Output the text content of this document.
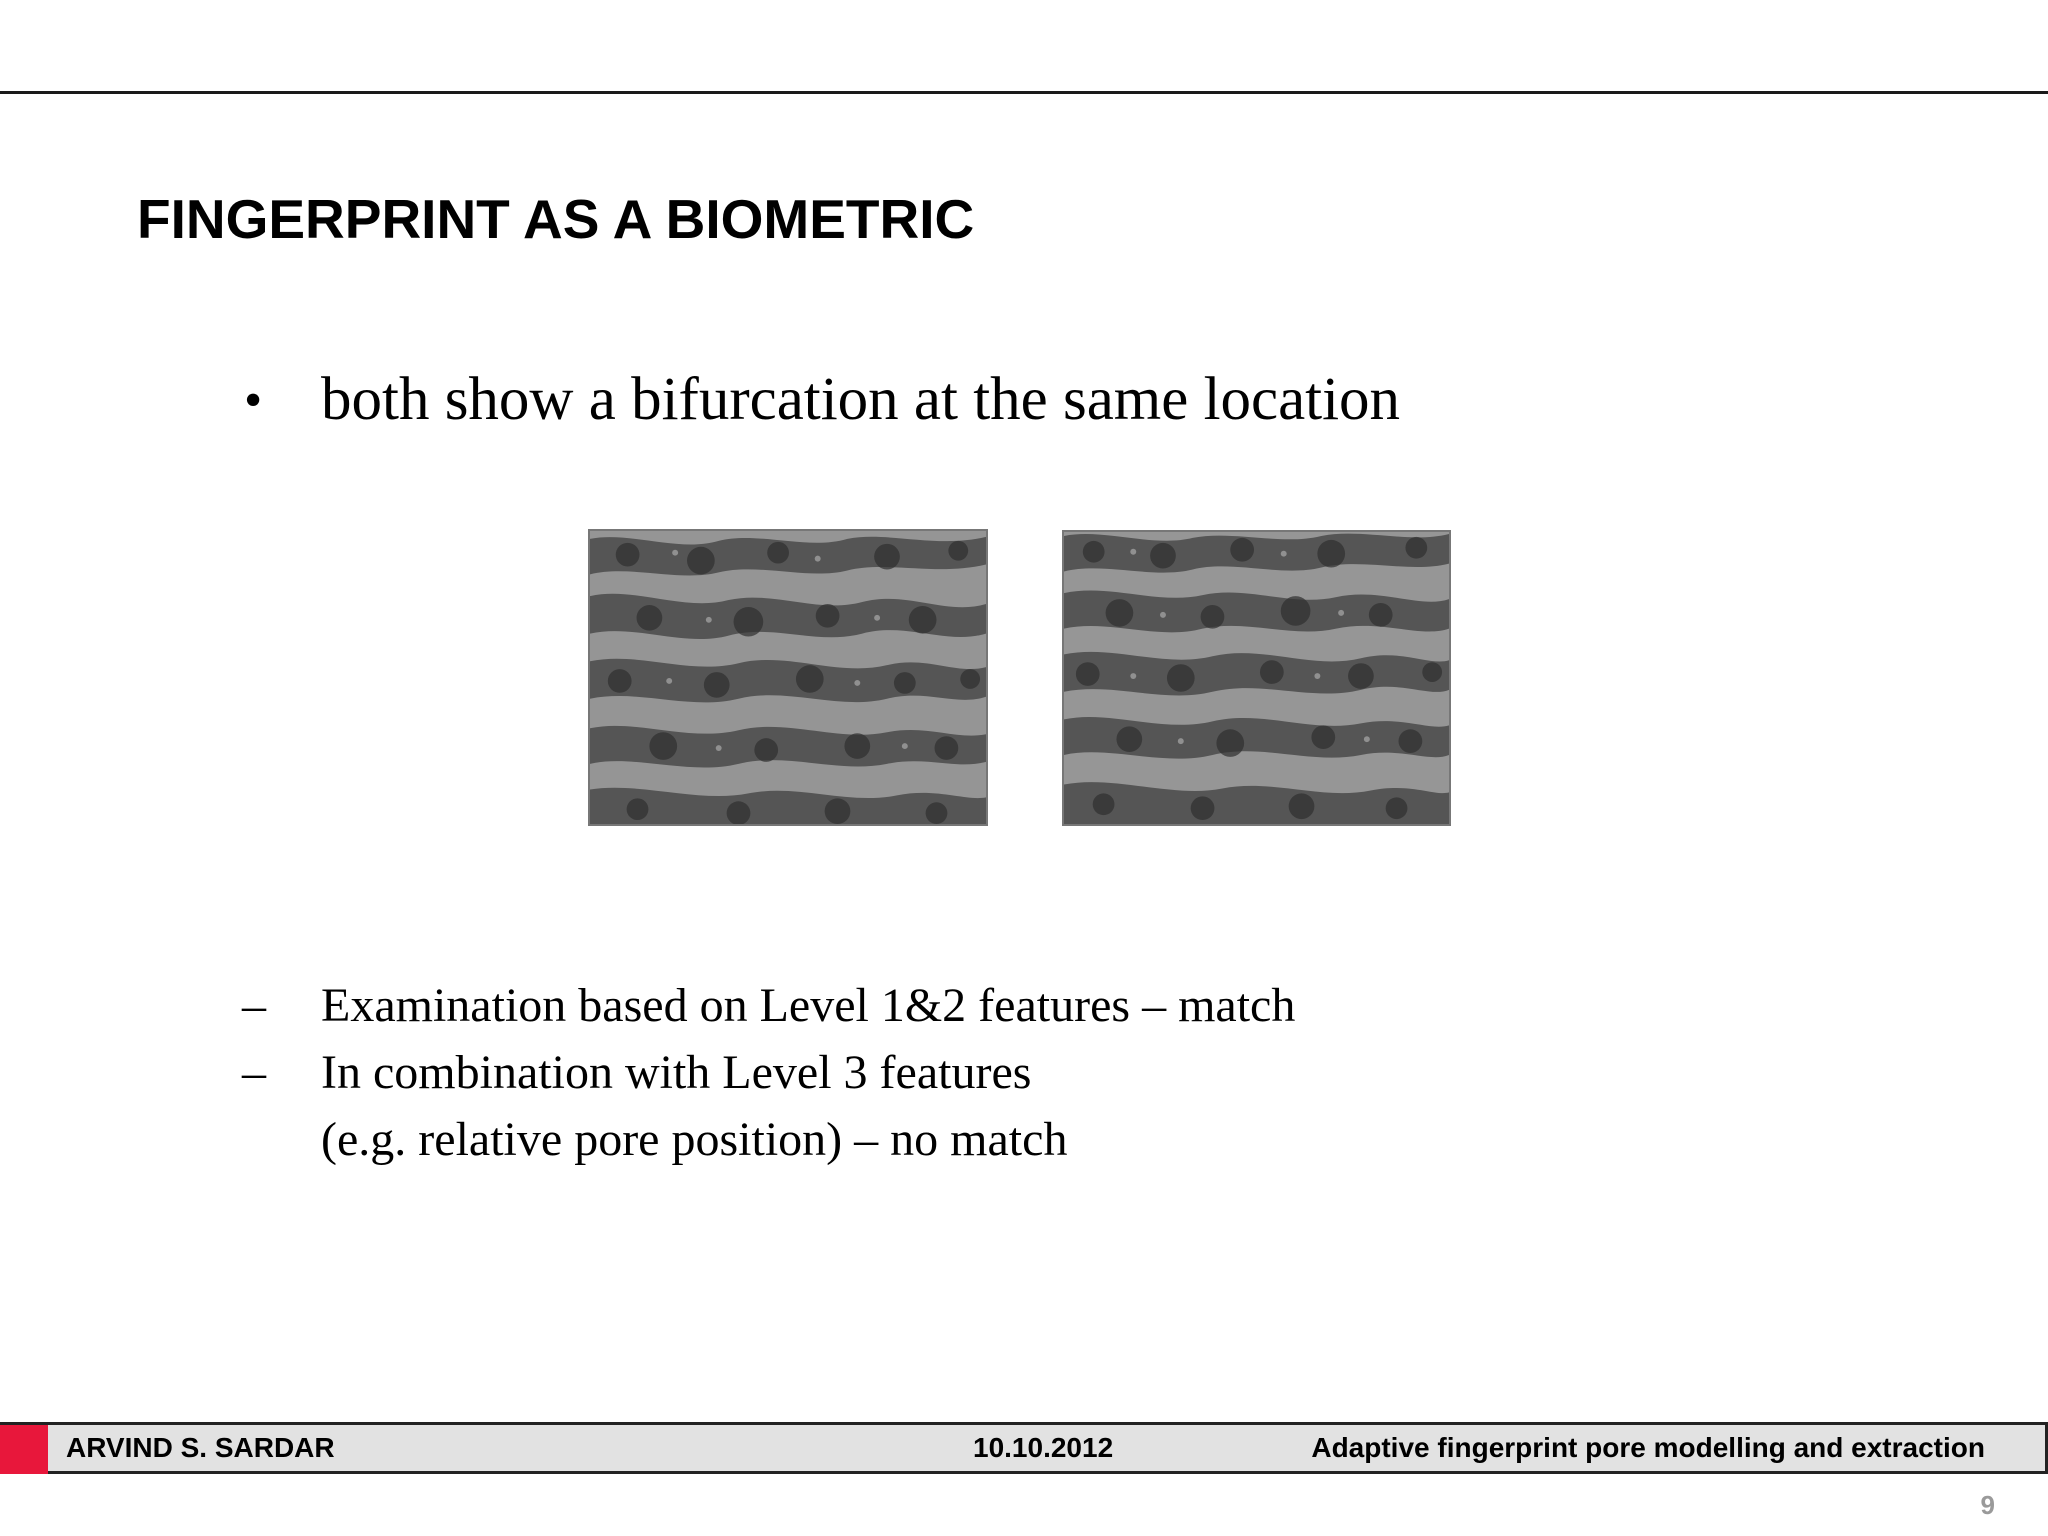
FINGERPRINT AS A BIOMETRIC
• both show a bifurcation at the same location
–	Examination based on Level 1&2 features – match
–	In combination with Level 3 features
(e.g. relative pore position) – no match
ARVIND S. SARDAR	10.10.2012	Adaptive fingerprint pore modelling and extraction
9
